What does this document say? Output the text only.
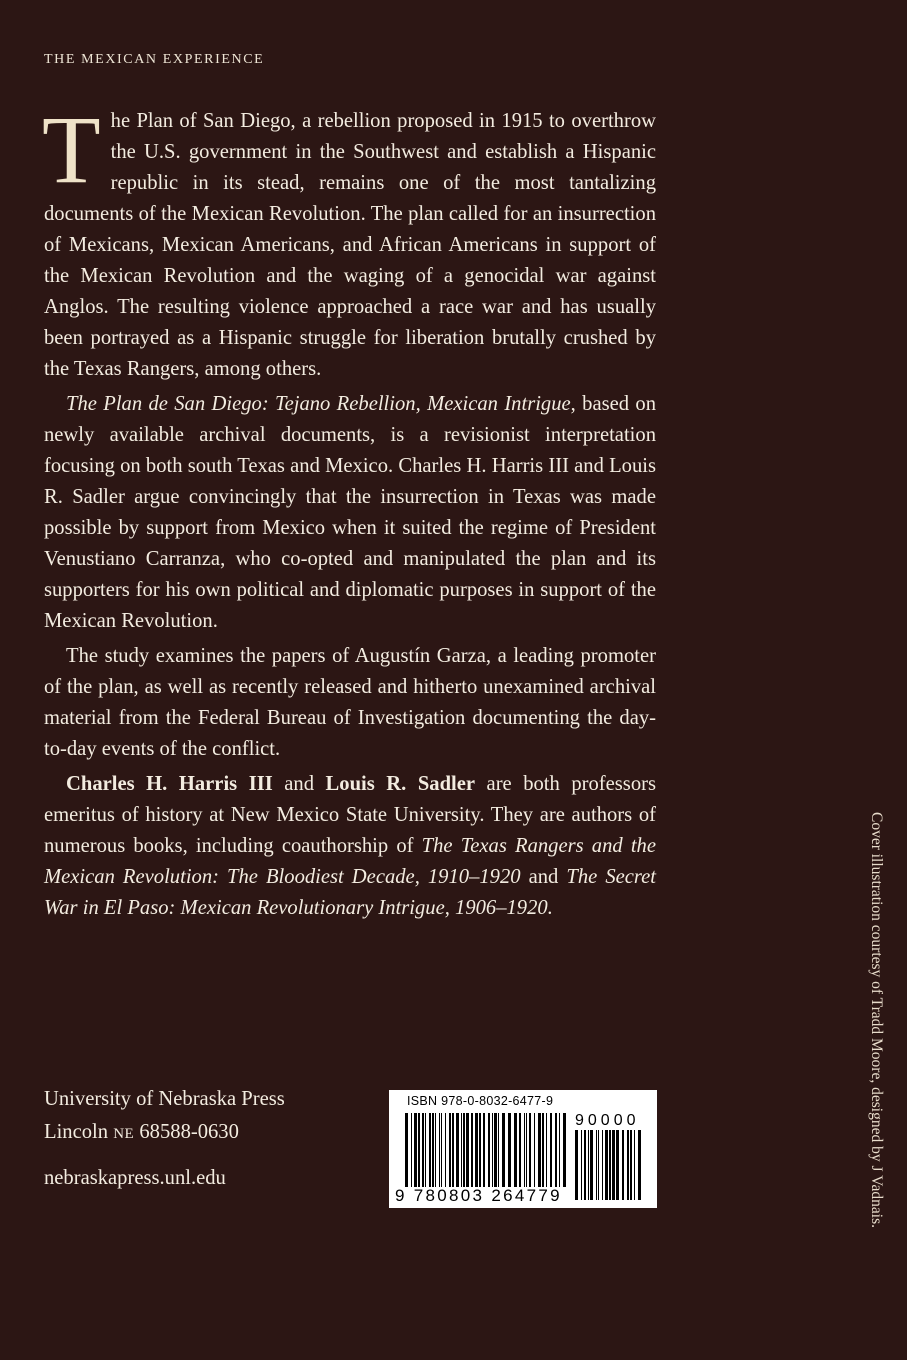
THE MEXICAN EXPERIENCE

The Plan of San Diego, a rebellion proposed in 1915 to overthrow the U.S. government in the Southwest and establish a Hispanic republic in its stead, remains one of the most tantalizing documents of the Mexican Revolution. The plan called for an insurrection of Mexicans, Mexican Americans, and African Americans in support of the Mexican Revolution and the waging of a genocidal war against Anglos. The resulting violence approached a race war and has usually been portrayed as a Hispanic struggle for liberation brutally crushed by the Texas Rangers, among others.

The Plan de San Diego: Tejano Rebellion, Mexican Intrigue, based on newly available archival documents, is a revisionist interpretation focusing on both south Texas and Mexico. Charles H. Harris III and Louis R. Sadler argue convincingly that the insurrection in Texas was made possible by support from Mexico when it suited the regime of President Venustiano Carranza, who co-opted and manipulated the plan and its supporters for his own political and diplomatic purposes in support of the Mexican Revolution.

The study examines the papers of Augustín Garza, a leading promoter of the plan, as well as recently released and hitherto unexamined archival material from the Federal Bureau of Investigation documenting the day-to-day events of the conflict.

Charles H. Harris III and Louis R. Sadler are both professors emeritus of history at New Mexico State University. They are authors of numerous books, including coauthorship of The Texas Rangers and the Mexican Revolution: The Bloodiest Decade, 1910–1920 and The Secret War in El Paso: Mexican Revolutionary Intrigue, 1906–1920.

University of Nebraska Press
Lincoln NE 68588-0630
nebraskapress.unl.edu
ISBN 978-0-8032-6477-9
90000
9 780803 264779	Cover illustration courtesy of Tradd Moore, designed by J Vadnais.
